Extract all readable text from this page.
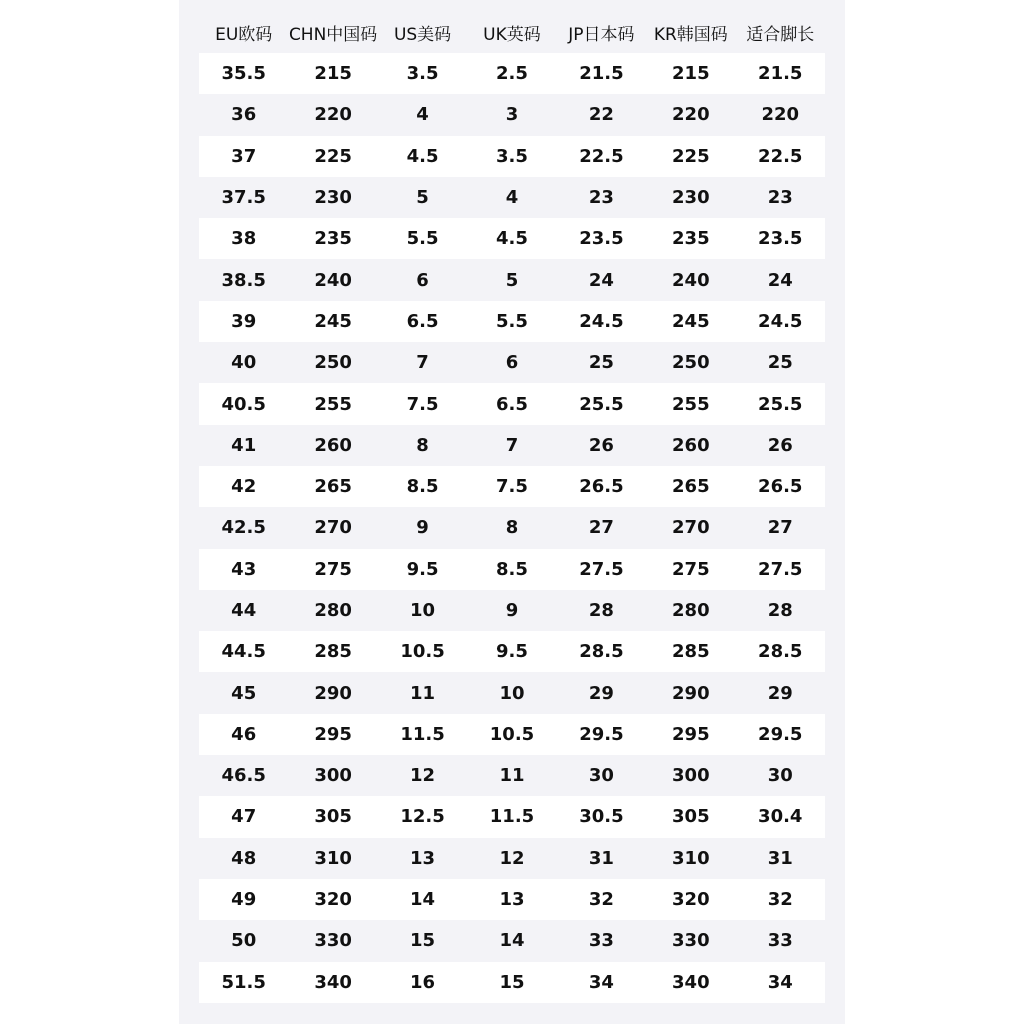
EU欧码	CHN中国码	US美码	UK英码	JP日本码	KR韩国码	适合脚长
35.5	215	3.5	2.5	21.5	215	21.5
36	220	4	3	22	220	220
37	225	4.5	3.5	22.5	225	22.5
37.5	230	5	4	23	230	23
38	235	5.5	4.5	23.5	235	23.5
38.5	240	6	5	24	240	24
39	245	6.5	5.5	24.5	245	24.5
40	250	7	6	25	250	25
40.5	255	7.5	6.5	25.5	255	25.5
41	260	8	7	26	260	26
42	265	8.5	7.5	26.5	265	26.5
42.5	270	9	8	27	270	27
43	275	9.5	8.5	27.5	275	27.5
44	280	10	9	28	280	28
44.5	285	10.5	9.5	28.5	285	28.5
45	290	11	10	29	290	29
46	295	11.5	10.5	29.5	295	29.5
46.5	300	12	11	30	300	30
47	305	12.5	11.5	30.5	305	30.4
48	310	13	12	31	310	31
49	320	14	13	32	320	32
50	330	15	14	33	330	33
51.5	340	16	15	34	340	34
